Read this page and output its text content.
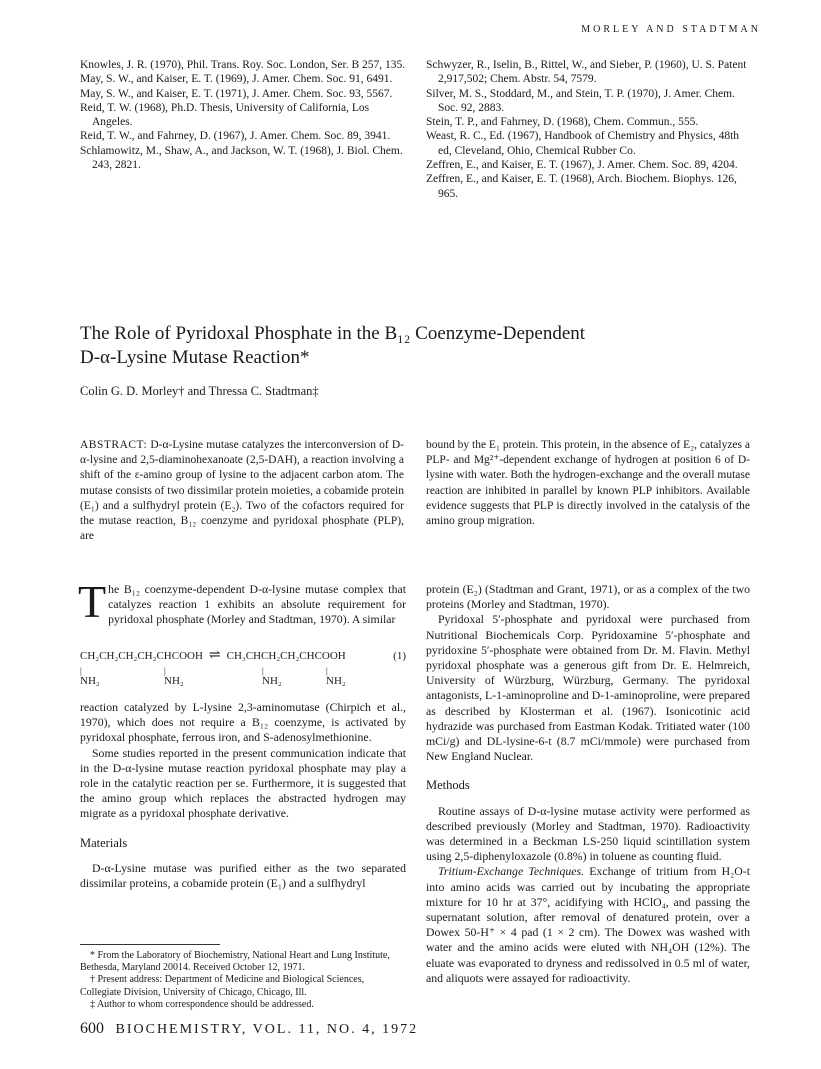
MORLEY AND STADTMAN

Knowles, J. R. (1970), Phil. Trans. Roy. Soc. London, Ser. B 257, 135.

May, S. W., and Kaiser, E. T. (1969), J. Amer. Chem. Soc. 91, 6491.

May, S. W., and Kaiser, E. T. (1971), J. Amer. Chem. Soc. 93, 5567.

Reid, T. W. (1968), Ph.D. Thesis, University of California, Los Angeles.

Reid, T. W., and Fahrney, D. (1967), J. Amer. Chem. Soc. 89, 3941.

Schlamowitz, M., Shaw, A., and Jackson, W. T. (1968), J. Biol. Chem. 243, 2821.

Schwyzer, R., Iselin, B., Rittel, W., and Sieber, P. (1960), U. S. Patent 2,917,502; Chem. Abstr. 54, 7579.

Silver, M. S., Stoddard, M., and Stein, T. P. (1970), J. Amer. Chem. Soc. 92, 2883.

Stein, T. P., and Fahrney, D. (1968), Chem. Commun., 555.

Weast, R. C., Ed. (1967), Handbook of Chemistry and Physics, 48th ed, Cleveland, Ohio, Chemical Rubber Co.

Zeffren, E., and Kaiser, E. T. (1967), J. Amer. Chem. Soc. 89, 4204.

Zeffren, E., and Kaiser, E. T. (1968), Arch. Biochem. Biophys. 126, 965.

The Role of Pyridoxal Phosphate in the B₁₂ Coenzyme-Dependent
D-α-Lysine Mutase Reaction*
Colin G. D. Morley† and Thressa C. Stadtman‡
ABSTRACT: D-α-Lysine mutase catalyzes the interconversion of D-α-lysine and 2,5-diaminohexanoate (2,5-DAH), a reaction involving a shift of the ε-amino group of lysine to the adjacent carbon atom. The mutase consists of two dissimilar protein moieties, a cobamide protein (E₁) and a sulfhydryl protein (E₂). Two of the cofactors required for the mutase reaction, B₁₂ coenzyme and pyridoxal phosphate (PLP), are
bound by the E₁ protein. This protein, in the absence of E₂, catalyzes a PLP- and Mg²⁺-dependent exchange of hydrogen at position 6 of D-lysine with water. Both the hydrogen-exchange and the overall mutase reaction are inhibited in parallel by known PLP inhibitors. Available evidence suggests that PLP is directly involved in the catalysis of the amino group migration.

The B₁₂ coenzyme-dependent D-α-lysine mutase complex that catalyzes reaction 1 exhibits an absolute requirement for pyridoxal phosphate (Morley and Stadtman, 1970). A similar

CH₂CH₂CH₂CH₂CHCOOH ⇌ CH₃CHCH₂CH₂CHCOOH	(1)
|
NH₂
|
NH₂
|
NH₂
|
NH₂

reaction catalyzed by L-lysine 2,3-aminomutase (Chirpich et al., 1970), which does not require a B₁₂ coenzyme, is activated by pyridoxal phosphate, ferrous iron, and S-adenosylmethionine.

Some studies reported in the present communication indicate that in the D-α-lysine mutase reaction pyridoxal phosphate may play a role in the catalytic reaction per se. Furthermore, it is suggested that the amino group which replaces the abstracted hydrogen may migrate as a pyridoxal phosphate derivative.

Materials

D-α-Lysine mutase was purified either as the two separated dissimilar proteins, a cobamide protein (E₁) and a sulfhydryl

* From the Laboratory of Biochemistry, National Heart and Lung Institute, Bethesda, Maryland 20014. Received October 12, 1971.

† Present address: Department of Medicine and Biological Sciences, Collegiate Division, University of Chicago, Chicago, Ill.

‡ Author to whom correspondence should be addressed.

protein (E₂) (Stadtman and Grant, 1971), or as a complex of the two proteins (Morley and Stadtman, 1970).

Pyridoxal 5′-phosphate and pyridoxal were purchased from Nutritional Biochemicals Corp. Pyridoxamine 5′-phosphate and pyridoxine 5′-phosphate were obtained from Dr. M. Flavin. Methyl pyridoxal phosphate was a generous gift from Dr. E. Helmreich, University of Würzburg, Würzburg, Germany. The pyridoxal antagonists, L-1-aminoproline and D-1-aminoproline, were prepared as described by Klosterman et al. (1967). Isonicotinic acid hydrazide was purchased from Eastman Kodak. Tritiated water (100 mCi/g) and DL-lysine-6-t (8.7 mCi/mmole) were purchased from New England Nuclear.

Methods

Routine assays of D-α-lysine mutase activity were performed as described previously (Morley and Stadtman, 1970). Radioactivity was determined in a Beckman LS-250 liquid scintillation system using 2,5-diphenyloxazole (0.8%) in toluene as counting fluid.

Tritium-Exchange Techniques. Exchange of tritium from H₂O-t into amino acids was carried out by incubating the appropriate mixture for 10 hr at 37°, acidifying with HClO₄, and passing the supernatant solution, after removal of denatured protein, over a Dowex 50-H⁺ × 4 pad (1 × 2 cm). The Dowex was washed with water and the amino acids were eluted with NH₄OH (12%). The eluate was evaporated to dryness and redissolved in 0.5 ml of water, and aliquots were assayed for radioactivity.

600 BIOCHEMISTRY, VOL. 11, NO. 4, 1972
